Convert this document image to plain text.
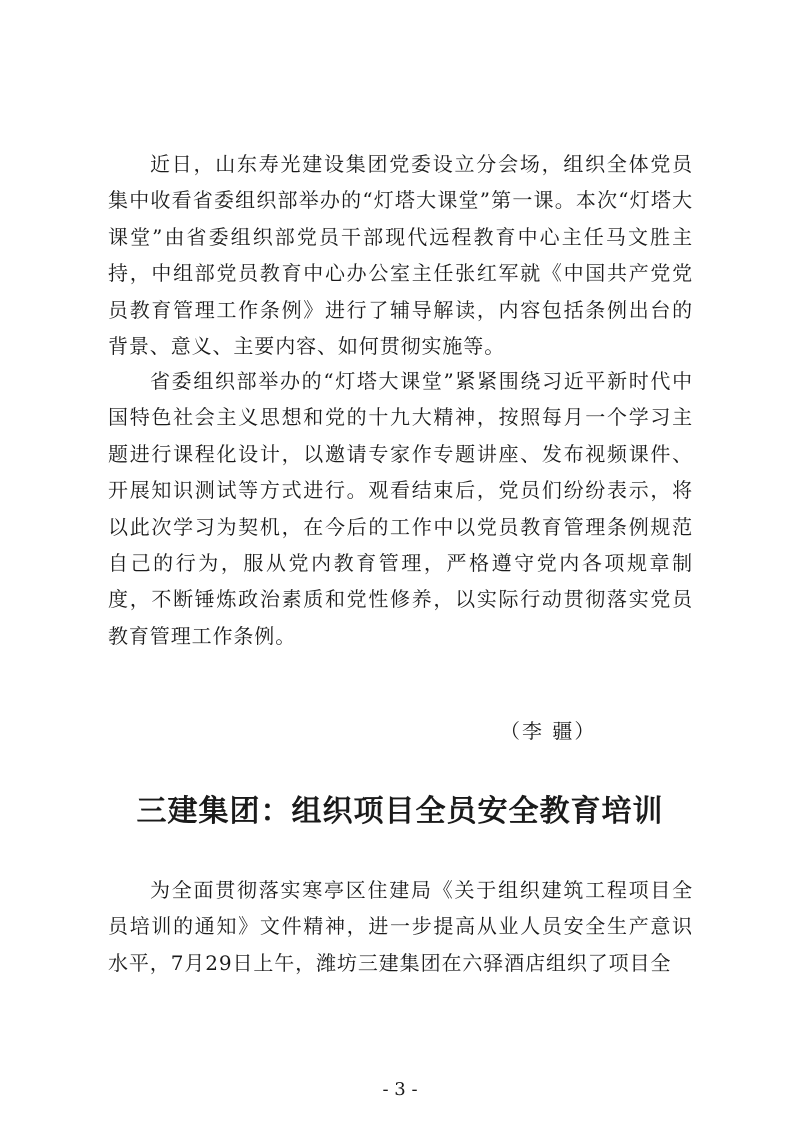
近日，山东寿光建设集团党委设立分会场，组织全体党员集中收看省委组织部举办的“灯塔大课堂”第一课。本次“灯塔大课堂”由省委组织部党员干部现代远程教育中心主任马文胜主持，中组部党员教育中心办公室主任张红军就《中国共产党党员教育管理工作条例》进行了辅导解读，内容包括条例出台的背景、意义、主要内容、如何贯彻实施等。

省委组织部举办的“灯塔大课堂”紧紧围绕习近平新时代中国特色社会主义思想和党的十九大精神，按照每月一个学习主题进行课程化设计，以邀请专家作专题讲座、发布视频课件、开展知识测试等方式进行。观看结束后，党员们纷纷表示，将以此次学习为契机，在今后的工作中以党员教育管理条例规范自己的行为，服从党内教育管理，严格遵守党内各项规章制度，不断锤炼政治素质和党性修养，以实际行动贯彻落实党员教育管理工作条例。

（李 疆）

三建集团：组织项目全员安全教育培训

为全面贯彻落实寒亭区住建局《关于组织建筑工程项目全员培训的通知》文件精神，进一步提高从业人员安全生产意识水平，7月29日上午，潍坊三建集团在六驿酒店组织了项目全

- 3 -
